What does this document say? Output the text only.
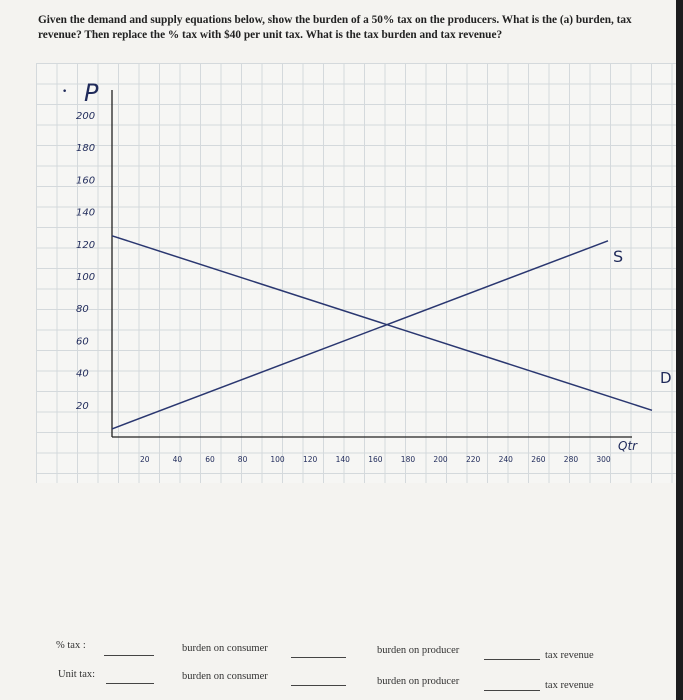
Given the demand and supply equations below, show the burden of a 50% tax on the producers. What is the (a) burden, tax revenue? Then replace the % tax with $40 per unit tax. What is the tax burden and tax revenue?
• P
Qtr
200
180
160
140
120
100
80
60
40
20
20	40	60	80	100 120 140 160 180 200 220 240 260 280 300
S
D
% tax :	burden on consumer	burden on producer	tax revenue
Unit tax:	burden on consumer	burden on producer	tax revenue
